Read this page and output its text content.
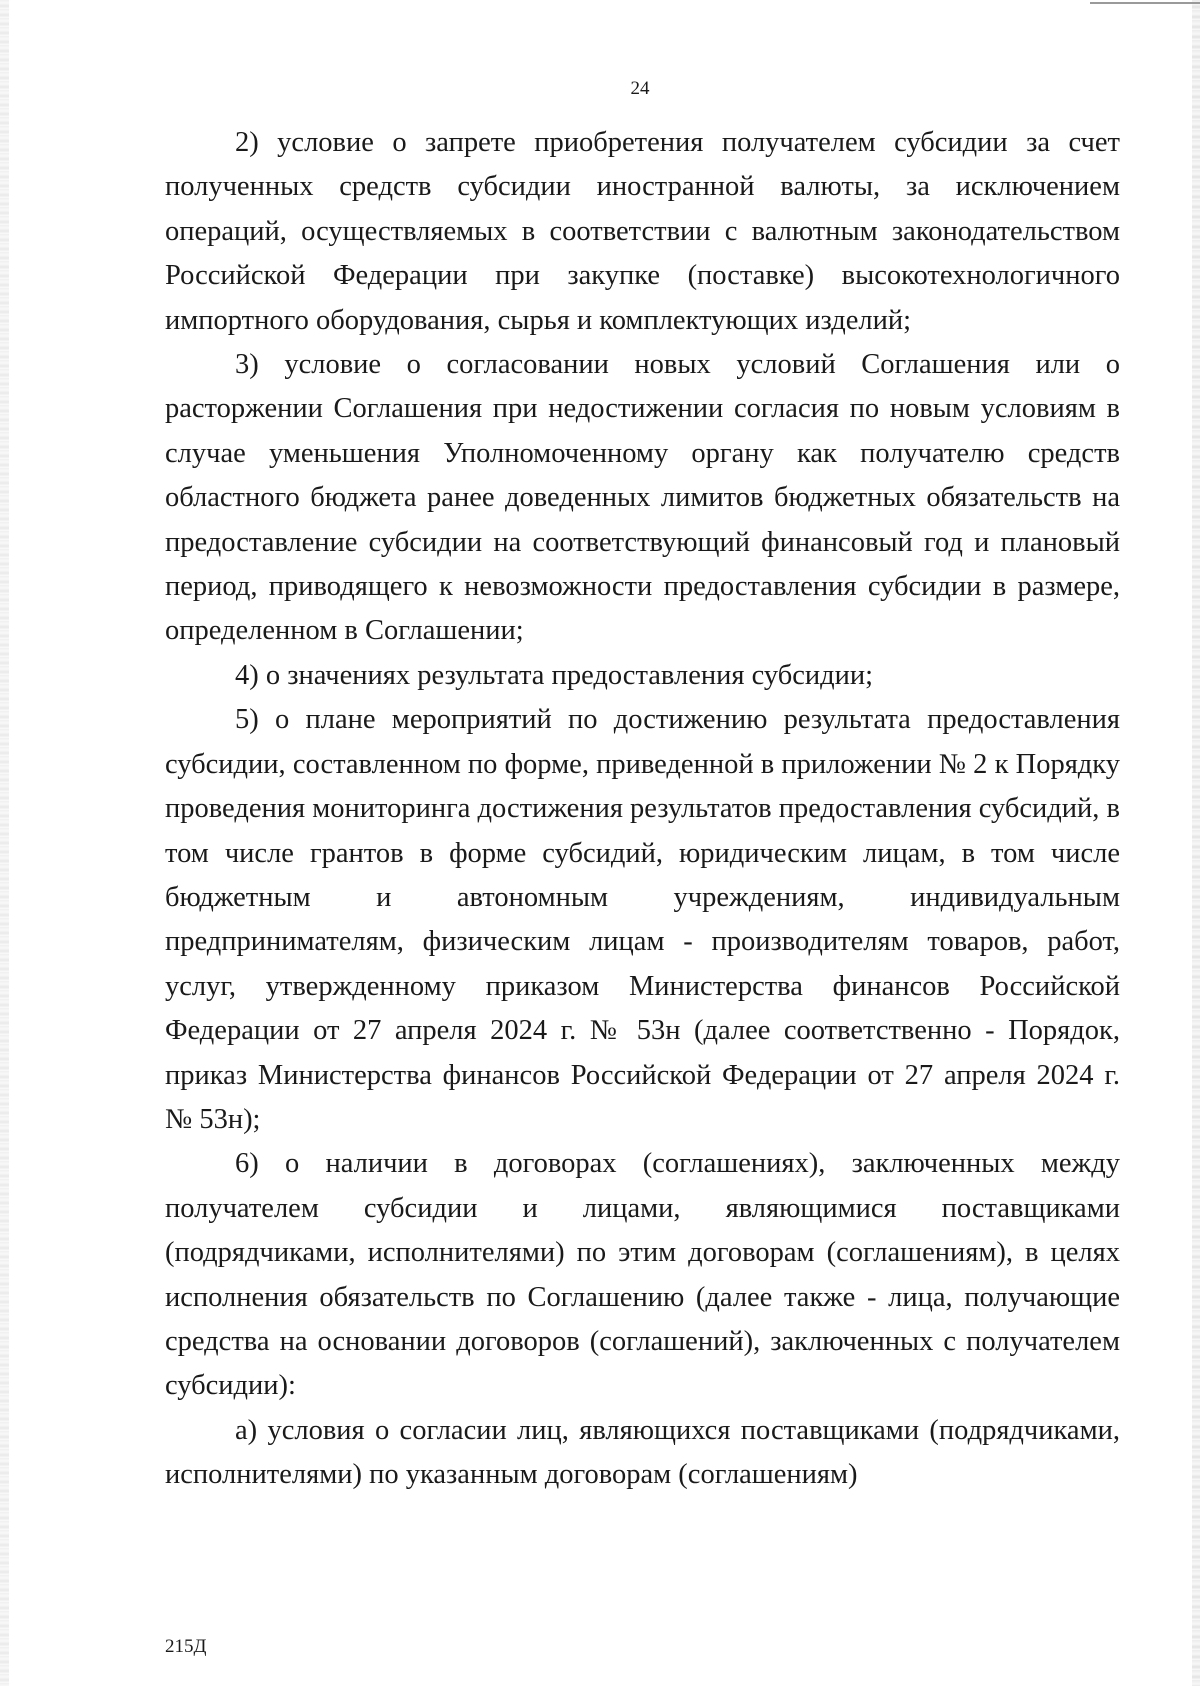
24

2) условие о запрете приобретения получателем субсидии за счет полученных средств субсидии иностранной валюты, за исключением операций, осуществляемых в соответствии с валютным законодательством Российской Федерации при закупке (поставке) высокотехнологичного импортного оборудования, сырья и комплектующих изделий;

3) условие о согласовании новых условий Соглашения или о расторжении Соглашения при недостижении согласия по новым условиям в случае уменьшения Уполномоченному органу как получателю средств областного бюджета ранее доведенных лимитов бюджетных обязательств на предоставление субсидии на соответствующий финансовый год и плановый период, приводящего к невозможности предоставления субсидии в размере, определенном в Соглашении;

4) о значениях результата предоставления субсидии;

5) о плане мероприятий по достижению результата предоставления субсидии, составленном по форме, приведенной в приложении № 2 к Порядку проведения мониторинга достижения результатов предоставления субсидий, в том числе грантов в форме субсидий, юридическим лицам, в том числе бюджетным и автономным учреждениям, индивидуальным предпринимателям, физическим лицам - производителям товаров, работ, услуг, утвержденному приказом Министерства финансов Российской Федерации от 27 апреля 2024 г. № 53н (далее соответственно - Порядок, приказ Министерства финансов Российской Федерации от 27 апреля 2024 г. № 53н);

6) о наличии в договорах (соглашениях), заключенных между получателем субсидии и лицами, являющимися поставщиками (подрядчиками, исполнителями) по этим договорам (соглашениям), в целях исполнения обязательств по Соглашению (далее также - лица, получающие средства на основании договоров (соглашений), заключенных с получателем субсидии):

а) условия о согласии лиц, являющихся поставщиками (подрядчиками, исполнителями) по указанным договорам (соглашениям)

215Д
